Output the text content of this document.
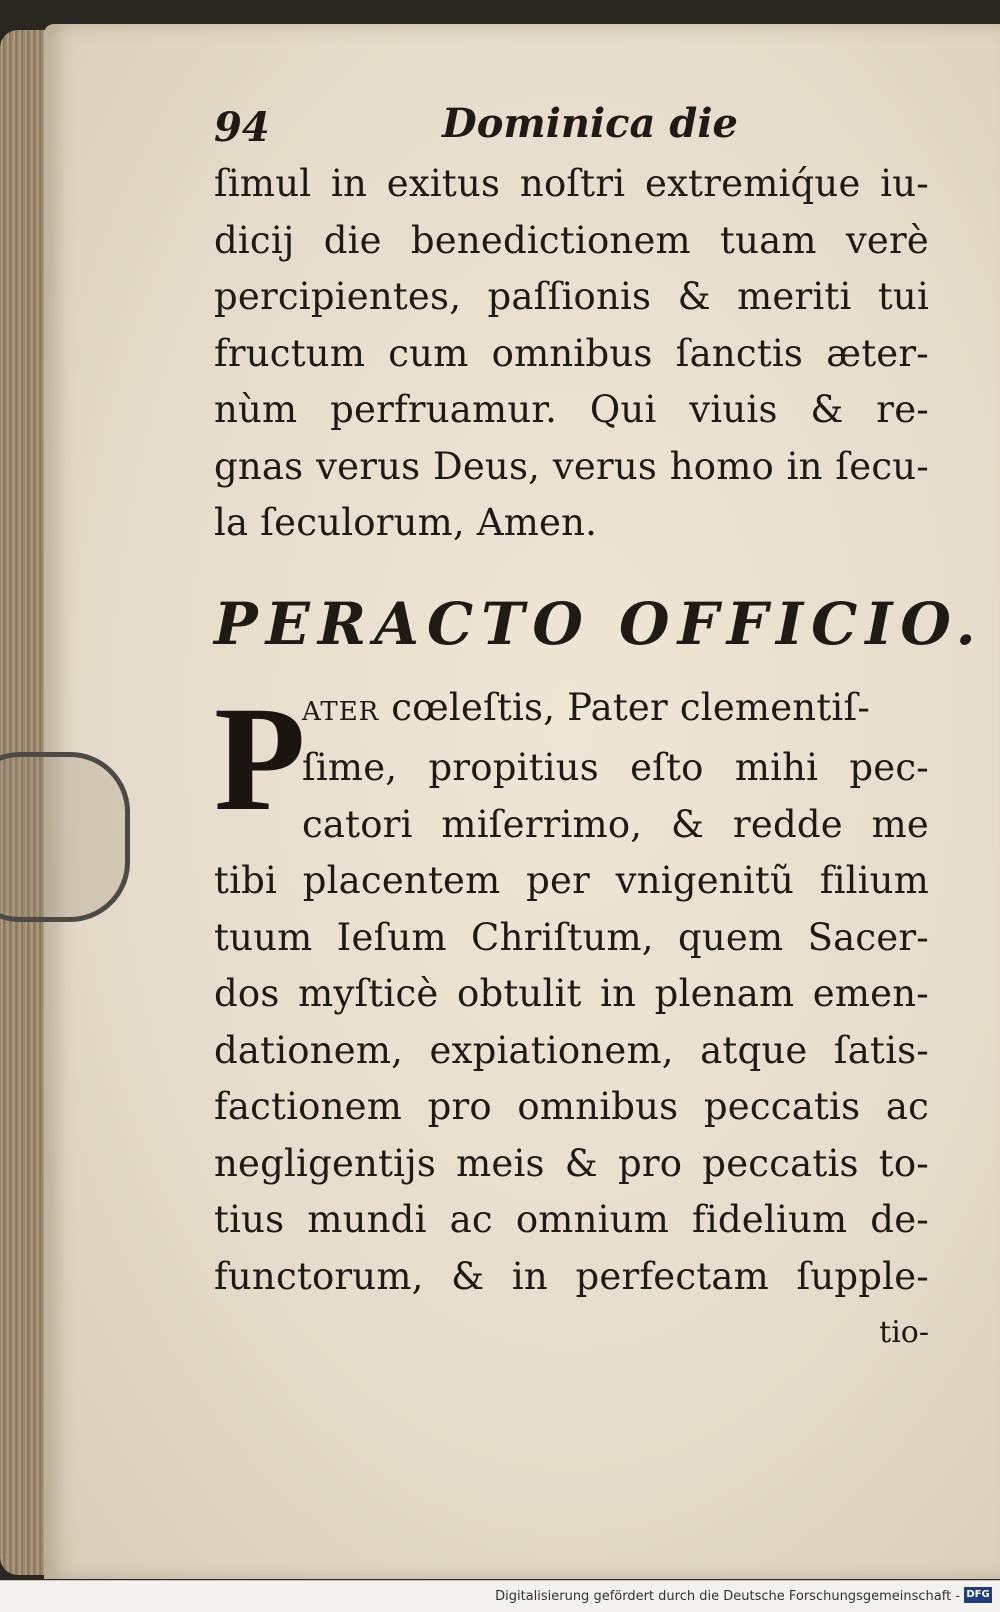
94	Dominica die
ſimul in exitus noſtri extremiq́ue iu-
dicij die benedictionem tuam verè
percipientes, paſſionis & meriti tui
fructum cum omnibus ſanctis æter-
nùm perfruamur. Qui viuis & re-
gnas verus Deus, verus homo in ſecu-
la ſeculorum, Amen.
PERACTO OFFICIO.
P
ATER cœleſtis, Pater clementiſ-
ſime, propitius eſto mihi pec-
catori miſerrimo, & redde me
tibi placentem per vnigenitũ filium
tuum Ieſum Chriſtum, quem Sacer-
dos myſticè obtulit in plenam emen-
dationem, expiationem, atque ſatis-
factionem pro omnibus peccatis ac
negligentijs meis & pro peccatis to-
tius mundi ac omnium fidelium de-
functorum, & in perfectam ſupple-
tio-
Digitalisierung gefördert durch die Deutsche Forschungsgemeinschaft - DFG
